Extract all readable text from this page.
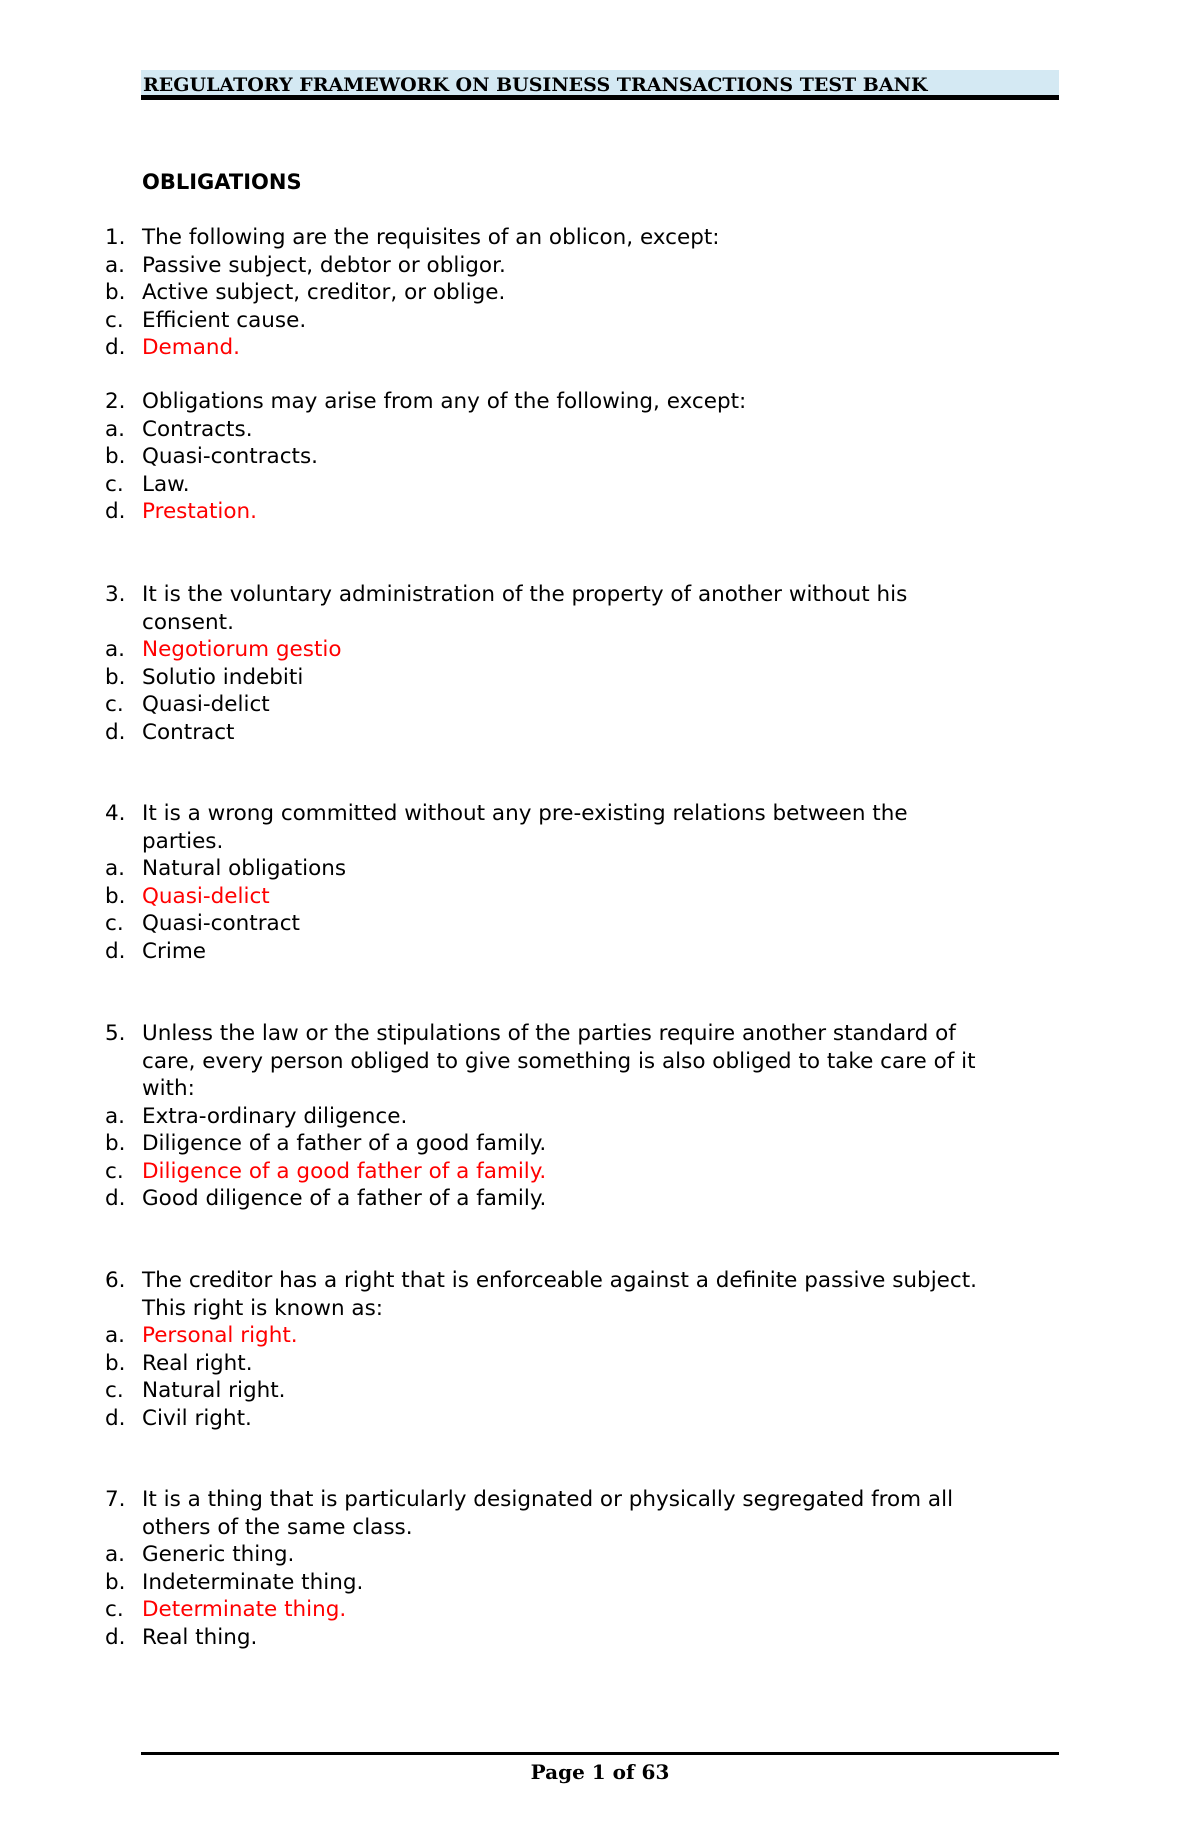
REGULATORY FRAMEWORK ON BUSINESS TRANSACTIONS TEST BANK
OBLIGATIONS
1. The following are the requisites of an oblicon, except:
a. Passive subject, debtor or obligor.
b. Active subject, creditor, or oblige.
c. Efficient cause.
d. Demand.
2. Obligations may arise from any of the following, except:
a. Contracts.
b. Quasi-contracts.
c. Law.
d. Prestation.
3. It is the voluntary administration of the property of another without his
consent.
a. Negotiorum gestio
b. Solutio indebiti
c. Quasi-delict
d. Contract
4. It is a wrong committed without any pre-existing relations between the
parties.
a. Natural obligations
b. Quasi-delict
c. Quasi-contract
d. Crime
5. Unless the law or the stipulations of the parties require another standard of
care, every person obliged to give something is also obliged to take care of it
with:
a. Extra-ordinary diligence.
b. Diligence of a father of a good family.
c. Diligence of a good father of a family.
d. Good diligence of a father of a family.
6. The creditor has a right that is enforceable against a definite passive subject.
This right is known as:
a. Personal right.
b. Real right.
c. Natural right.
d. Civil right.
7. It is a thing that is particularly designated or physically segregated from all
others of the same class.
a. Generic thing.
b. Indeterminate thing.
c. Determinate thing.
d. Real thing.
Page 1 of 63
